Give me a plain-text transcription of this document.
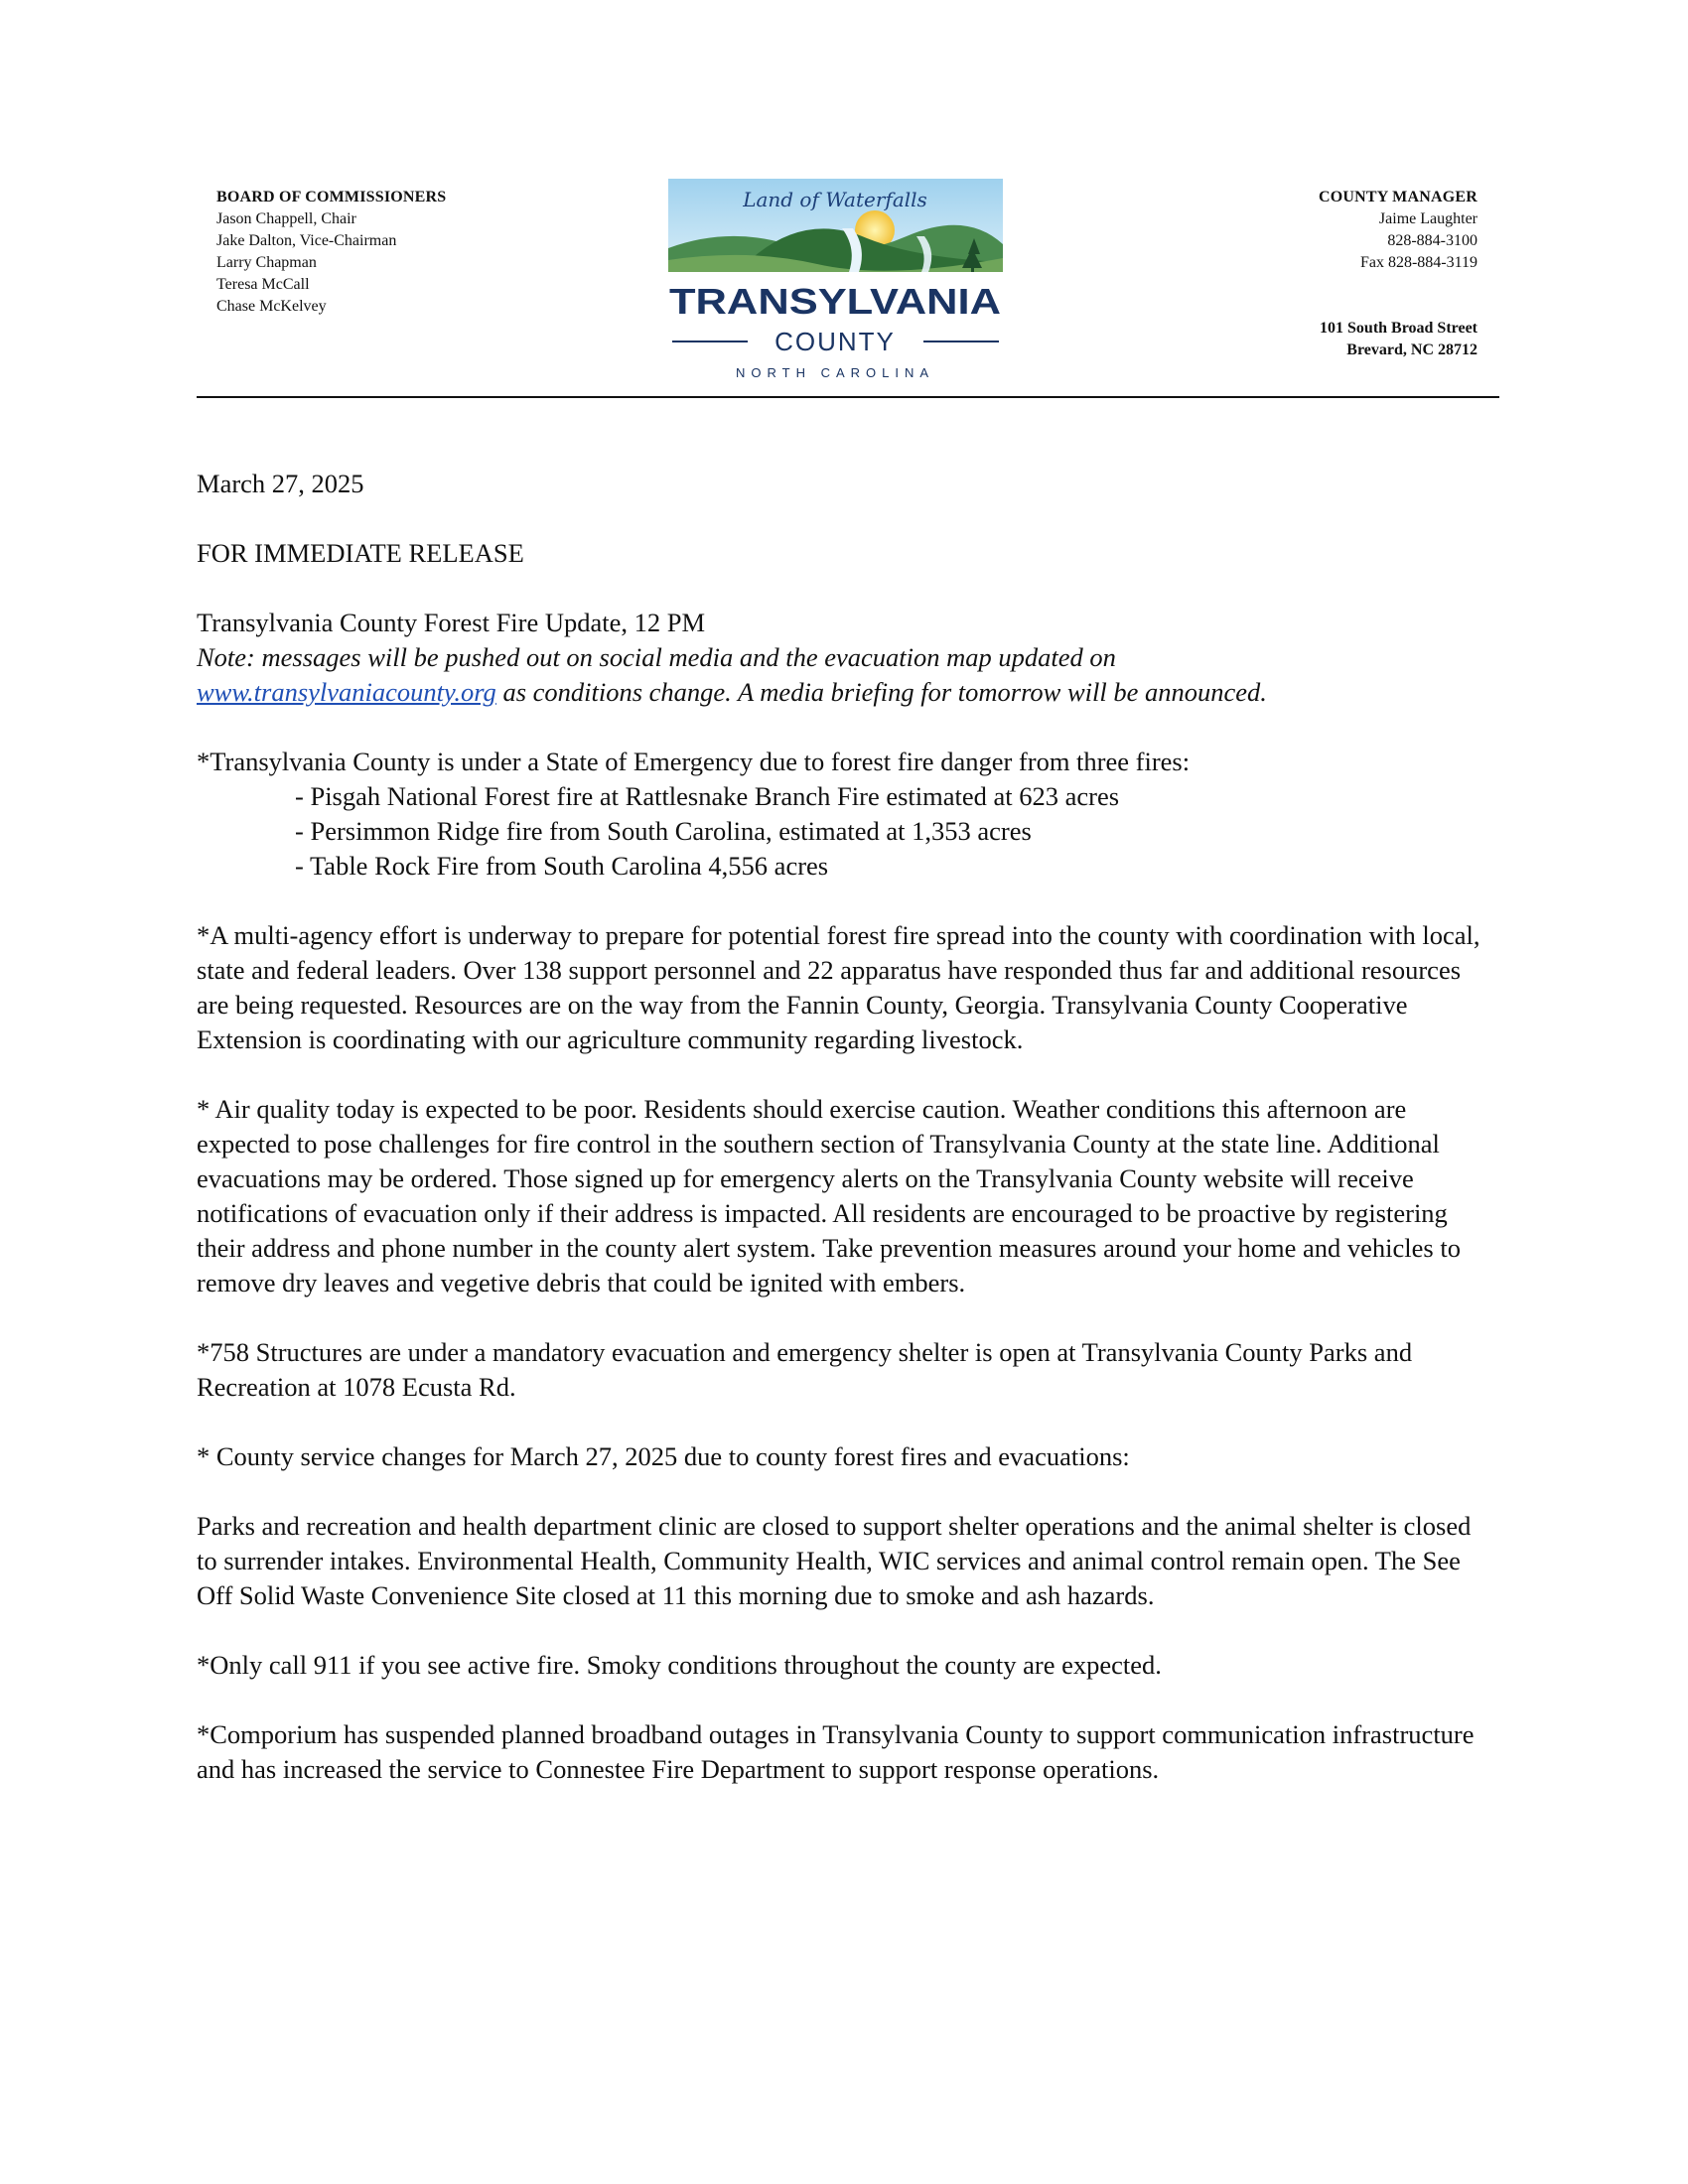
BOARD OF COMMISSIONERS
Jason Chappell, Chair
Jake Dalton, Vice-Chairman
Larry Chapman
Teresa McCall
Chase McKelvey
Land of Waterfalls
TRANSYLVANIA
COUNTY
NORTH CAROLINA
COUNTY MANAGER
Jaime Laughter
828-884-3100
Fax 828-884-3119
101 South Broad Street
Brevard, NC 28712

March 27, 2025

FOR IMMEDIATE RELEASE

Transylvania County Forest Fire Update, 12 PM
Note: messages will be pushed out on social media and the evacuation map updated on
www.transylvaniacounty.org as conditions change. A media briefing for tomorrow will be announced.

*Transylvania County is under a State of Emergency due to forest fire danger from three fires:
- Pisgah National Forest fire at Rattlesnake Branch Fire estimated at 623 acres
- Persimmon Ridge fire from South Carolina, estimated at 1,353 acres
- Table Rock Fire from South Carolina 4,556 acres

*A multi-agency effort is underway to prepare for potential forest fire spread into the county with coordination with local, state and federal leaders. Over 138 support personnel and 22 apparatus have responded thus far and additional resources are being requested. Resources are on the way from the Fannin County, Georgia. Transylvania County Cooperative Extension is coordinating with our agriculture community regarding livestock.

* Air quality today is expected to be poor. Residents should exercise caution. Weather conditions this afternoon are expected to pose challenges for fire control in the southern section of Transylvania County at the state line. Additional evacuations may be ordered. Those signed up for emergency alerts on the Transylvania County website will receive notifications of evacuation only if their address is impacted. All residents are encouraged to be proactive by registering their address and phone number in the county alert system. Take prevention measures around your home and vehicles to remove dry leaves and vegetive debris that could be ignited with embers.

*758 Structures are under a mandatory evacuation and emergency shelter is open at Transylvania County Parks and Recreation at 1078 Ecusta Rd.

* County service changes for March 27, 2025 due to county forest fires and evacuations:

Parks and recreation and health department clinic are closed to support shelter operations and the animal shelter is closed to surrender intakes. Environmental Health, Community Health, WIC services and animal control remain open. The See Off Solid Waste Convenience Site closed at 11 this morning due to smoke and ash hazards.

*Only call 911 if you see active fire. Smoky conditions throughout the county are expected.

*Comporium has suspended planned broadband outages in Transylvania County to support communication infrastructure and has increased the service to Connestee Fire Department to support response operations.
